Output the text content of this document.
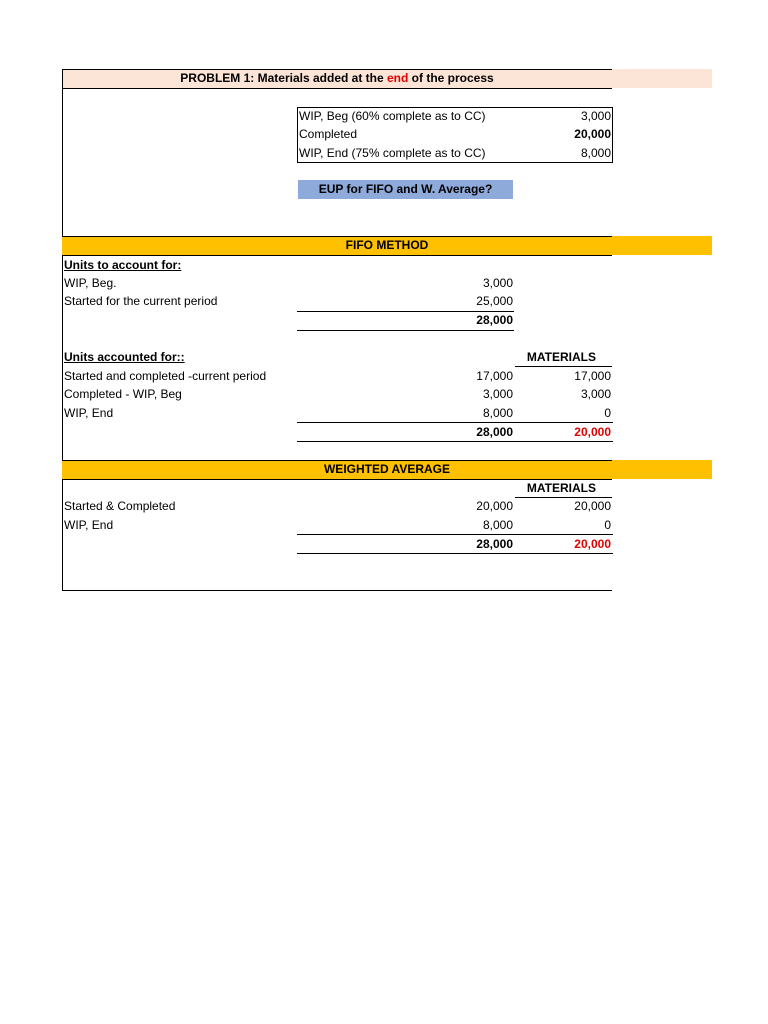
PROBLEM 1: Materials added at the end of the process
WIP, Beg (60% complete as to CC)	3,000
Completed	20,000
WIP, End (75% complete as to CC)	8,000
EUP for FIFO and W. Average?
FIFO METHOD
Units to account for:
WIP, Beg.	3,000
Started for the current period	25,000
28,000
Units accounted for::	MATERIALS
Started and completed -current period	17,000	17,000
Completed - WIP, Beg	3,000	3,000
WIP, End	8,000	0
28,000	20,000
WEIGHTED AVERAGE
MATERIALS
Started & Completed	20,000	20,000
WIP, End	8,000	0
28,000	20,000
